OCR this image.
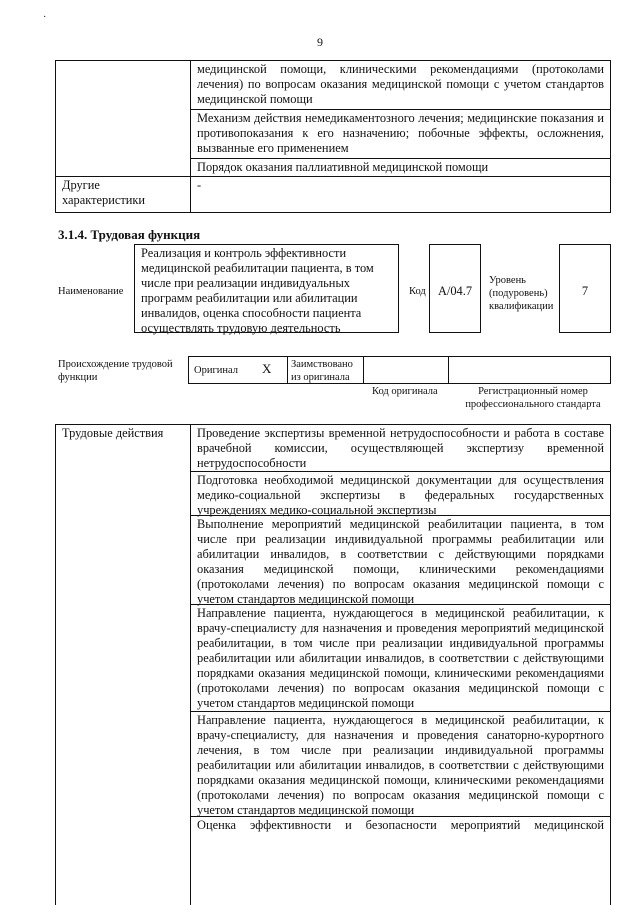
·
9
медицинской помощи, клиническими рекомендациями (протоколами лечения) по вопросам оказания медицинской помощи с учетом стандартов медицинской помощи
Механизм действия немедикаментозного лечения; медицинские показания и противопоказания к его назначению; побочные эффекты, осложнения, вызванные его применением
Порядок оказания паллиативной медицинской помощи
Другие характеристики
-
3.1.4. Трудовая функция
Наименование
Реализация и контроль эффективности медицинской реабилитации пациента, в том числе при реализации индивидуальных программ реабилитации или абилитации инвалидов, оценка способности пациента осуществлять трудовую деятельность
Код A/04.7
Уровень (подуровень) квалификации
7
Происхождение трудовой функции
Оригинал X Заимствовано из оригинала
Код оригинала	Регистрационный номер профессионального стандарта
Трудовые действия	Проведение экспертизы временной нетрудоспособности и работа в составе врачебной комиссии, осуществляющей экспертизу временной нетрудоспособности
Подготовка необходимой медицинской документации для осуществления медико-социальной экспертизы в федеральных государственных учреждениях медико-социальной экспертизы
Выполнение мероприятий медицинской реабилитации пациента, в том числе при реализации индивидуальной программы реабилитации или абилитации инвалидов, в соответствии с действующими порядками оказания медицинской помощи, клиническими рекомендациями (протоколами лечения) по вопросам оказания медицинской помощи с учетом стандартов медицинской помощи
Направление пациента, нуждающегося в медицинской реабилитации, к врачу-специалисту для назначения и проведения мероприятий медицинской реабилитации, в том числе при реализации индивидуальной программы реабилитации или абилитации инвалидов, в соответствии с действующими порядками оказания медицинской помощи, клиническими рекомендациями (протоколами лечения) по вопросам оказания медицинской помощи с учетом стандартов медицинской помощи
Направление пациента, нуждающегося в медицинской реабилитации, к врачу-специалисту, для назначения и проведения санаторно-курортного лечения, в том числе при реализации индивидуальной программы реабилитации или абилитации инвалидов, в соответствии с действующими порядками оказания медицинской помощи, клиническими рекомендациями (протоколами лечения) по вопросам оказания медицинской помощи с учетом стандартов медицинской помощи
Оценка эффективности и безопасности мероприятий медицинской
